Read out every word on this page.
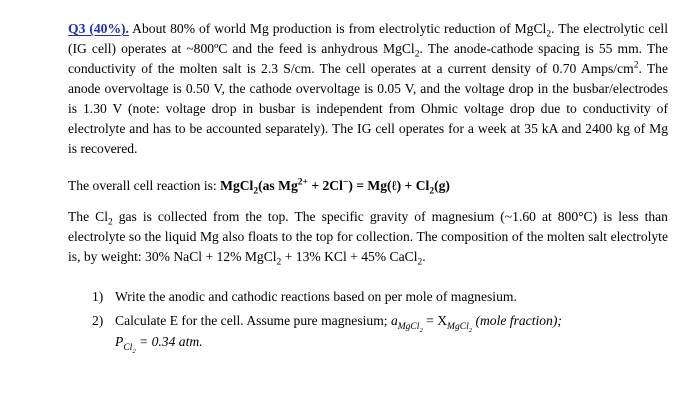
Q3 (40%). About 80% of world Mg production is from electrolytic reduction of MgCl$_2$. The electrolytic cell (IG cell) operates at ~800ºC and the feed is anhydrous MgCl$_2$. The anode-cathode spacing is 55 mm. The conductivity of the molten salt is 2.3 S/cm. The cell operates at a current density of 0.70 Amps/$cm^2$. The anode overvoltage is 0.50 V, the cathode overvoltage is 0.05 V, and the voltage drop in the busbar/electrodes is 1.30 V (note: voltage drop in busbar is independent from Ohmic voltage drop due to conductivity of electrolyte and has to be accounted separately). The IG cell operates for a week at 35 kA and 2400 kg of Mg is recovered.

The overall cell reaction is: MgCl$_2$(as $Mg^{2+} + 2Cl^-$) = Mg(ℓ) + $Cl_2(g)$

The $Cl_2$ gas is collected from the top. The specific gravity of magnesium (~1.60 at 800°C) is less than electrolyte so the liquid Mg also floats to the top for collection. The composition of the molten salt electrolyte is, by weight: 30% NaCl + 12% MgCl$_2$ + 13% KCl + 45% CaCl$_2$.

1) Write the anodic and cathodic reactions based on per mole of magnesium.
2) Calculate E for the cell. Assume pure magnesium; $a_{MgCl_2} = X_{MgCl_2}$ (mole fraction);
$P_{Cl_2} = 0.34$ atm.
